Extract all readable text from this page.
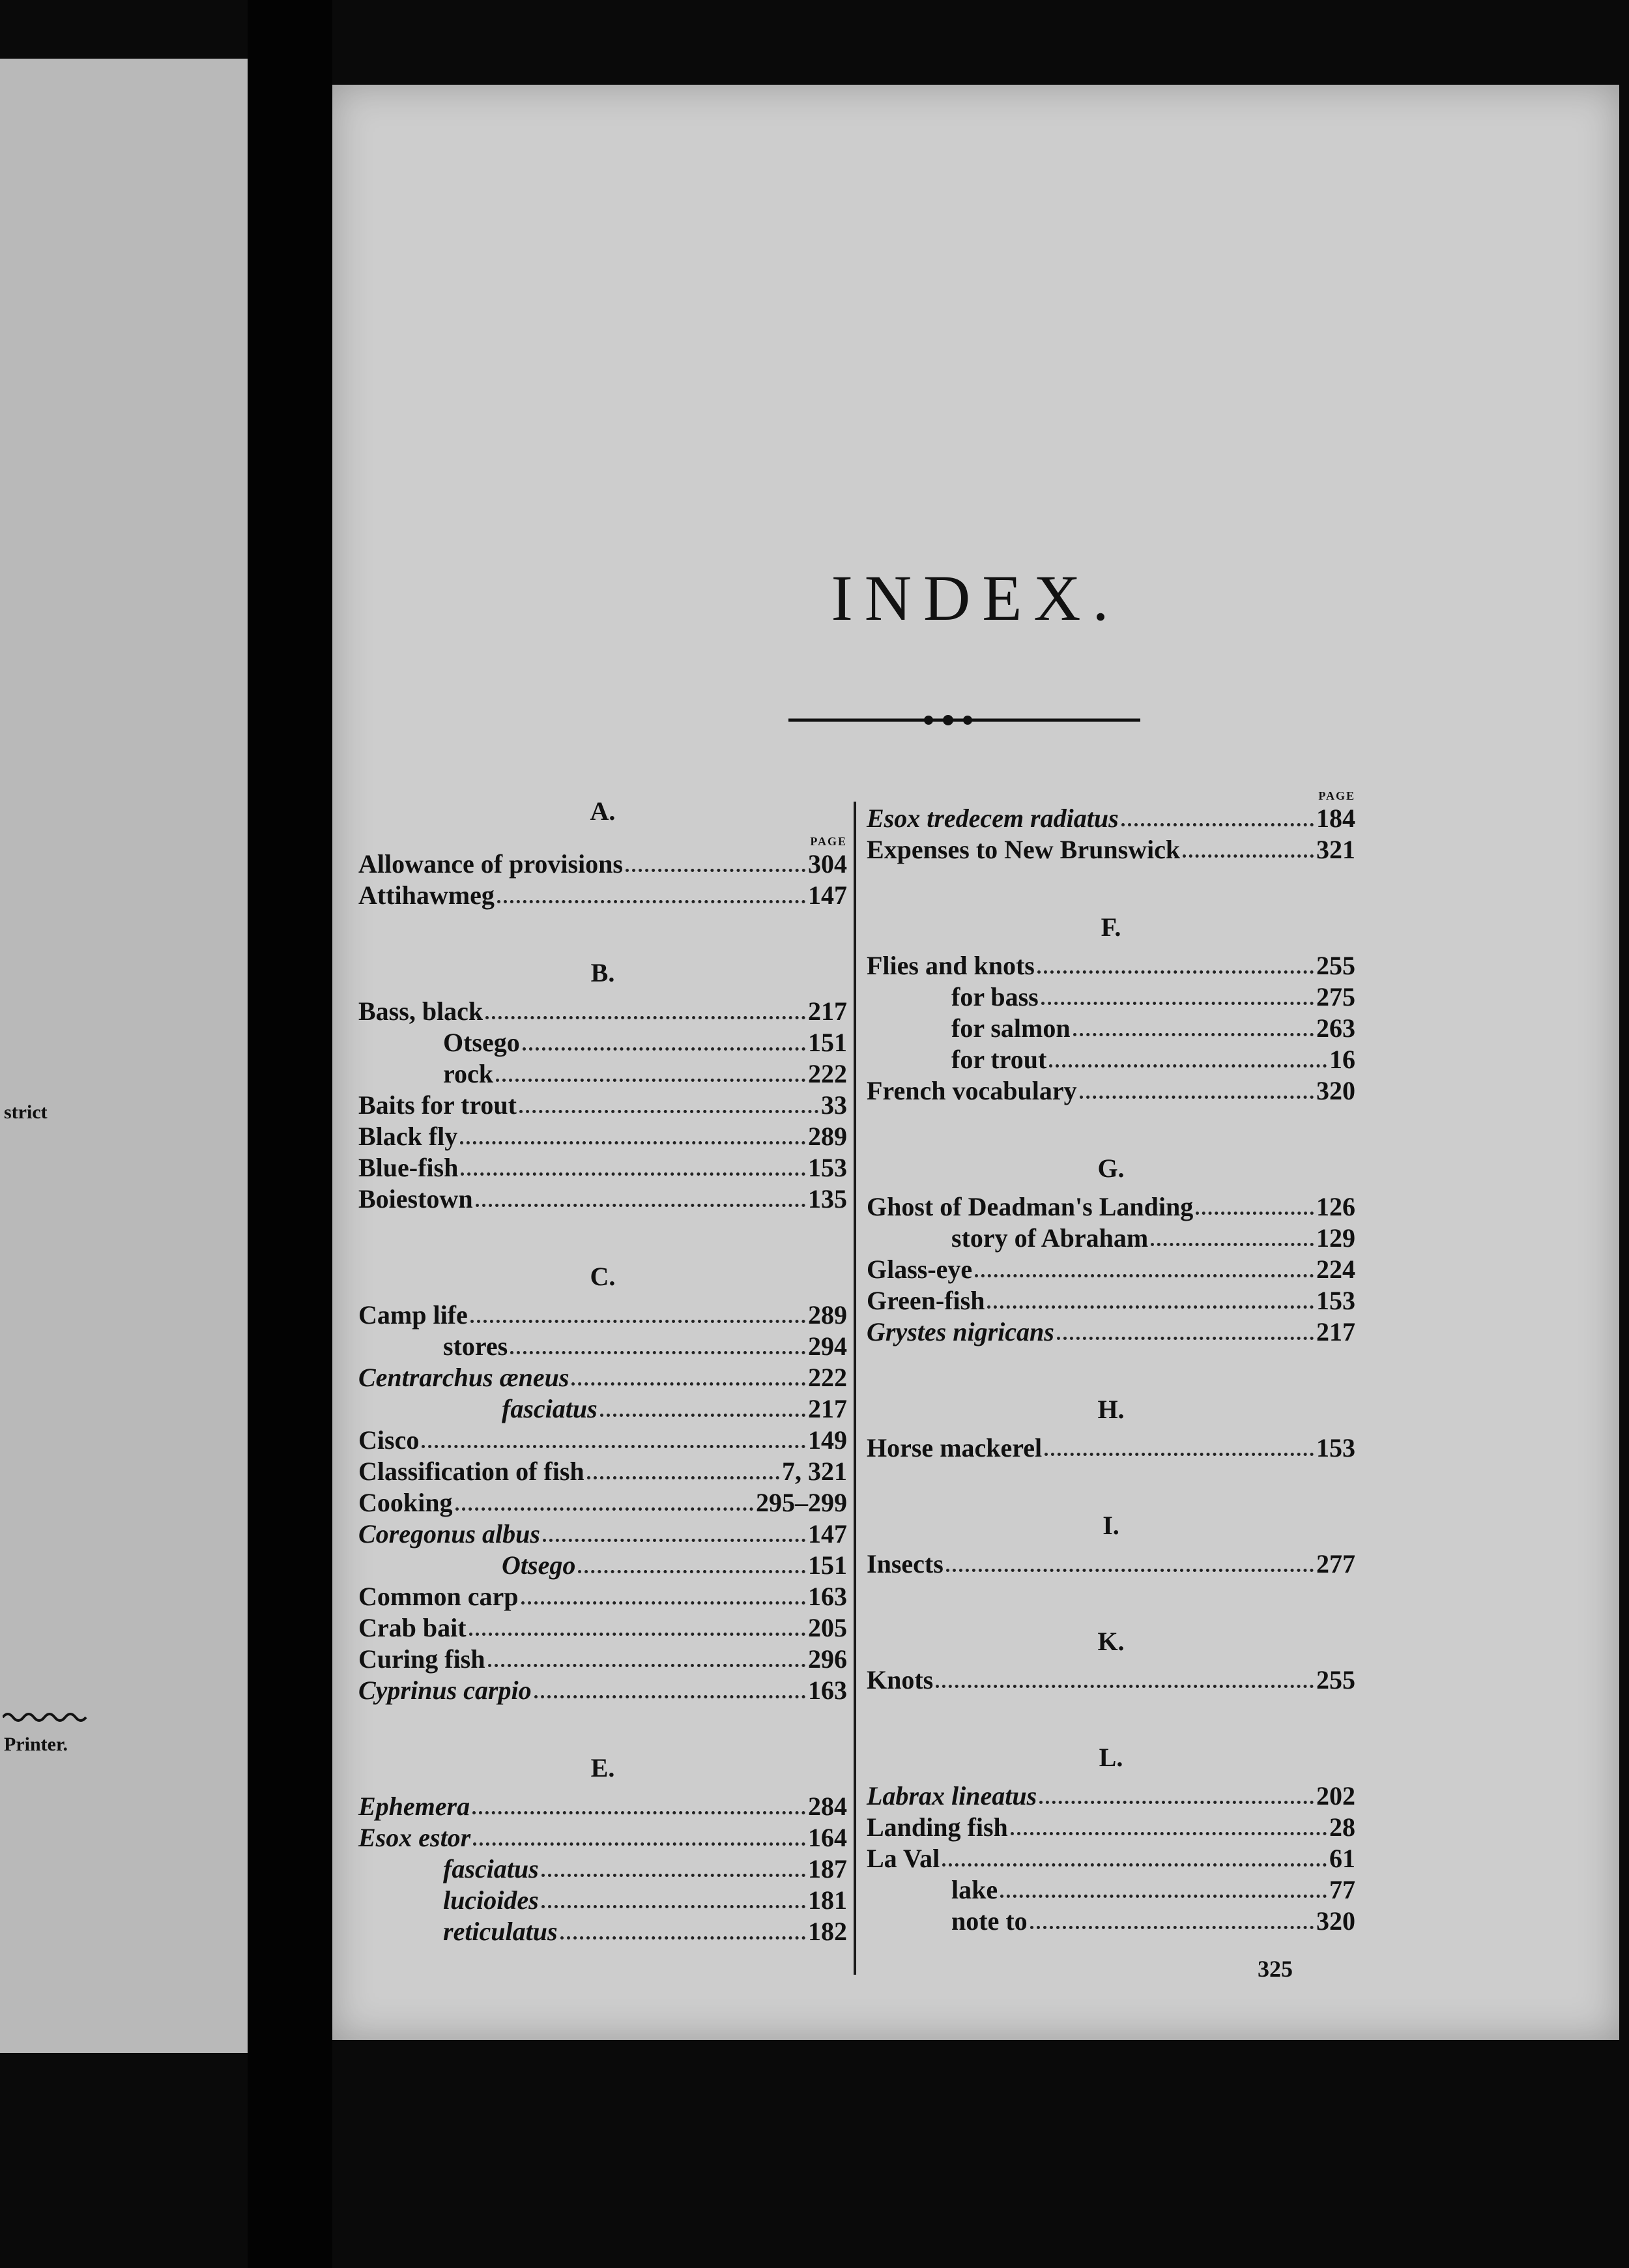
strict
Printer.
INDEX.
A.
PAGE
Allowance of provisions	304
Attihawmeg	147
B.
Bass, black	217
Otsego	151
rock	222
Baits for trout	33
Black fly	289
Blue-fish	153
Boiestown	135
C.
Camp life	289
stores	294
Centrarchus æneus	222
fasciatus	217
Cisco	149
Classification of fish	7, 321
Cooking	295–299
Coregonus albus	147
Otsego	151
Common carp	163
Crab bait	205
Curing fish	296
Cyprinus carpio	163
E.
Ephemera	284
Esox estor	164
fasciatus	187
lucioides	181
reticulatus	182
PAGE
Esox tredecem radiatus	184
Expenses to New Brunswick	321
F.
Flies and knots	255
for bass	275
for salmon	263
for trout	16
French vocabulary	320
G.
Ghost of Deadman's Landing	126
story of Abraham	129
Glass-eye	224
Green-fish	153
Grystes nigricans	217
H.
Horse mackerel	153
I.
Insects	277
K.
Knots	255
L.
Labrax lineatus	202
Landing fish	28
La Val	61
lake	77
note to	320
325
